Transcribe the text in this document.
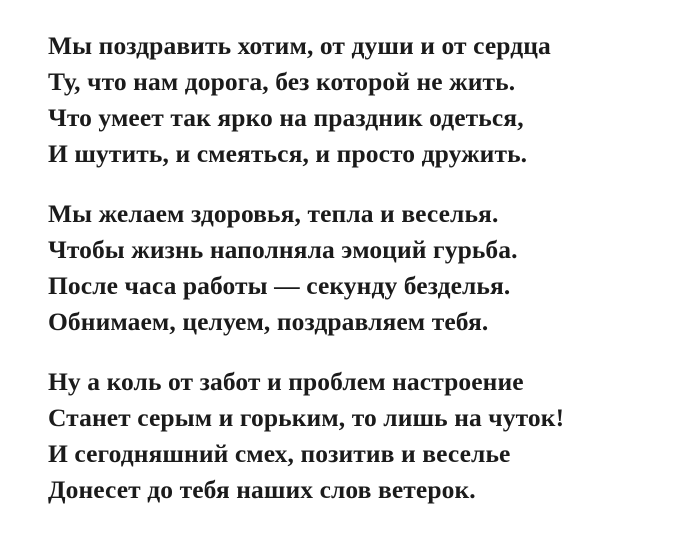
Мы поздравить хотим, от души и от сердца
Ту, что нам дорога, без которой не жить.
Что умеет так ярко на праздник одеться,
И шутить, и смеяться, и просто дружить.

Мы желаем здоровья, тепла и веселья.
Чтобы жизнь наполняла эмоций гурьба.
После часа работы — секунду безделья.
Обнимаем, целуем, поздравляем тебя.

Ну а коль от забот и проблем настроение
Станет серым и горьким, то лишь на чуток!
И сегодняшний смех, позитив и веселье
Донесет до тебя наших слов ветерок.
